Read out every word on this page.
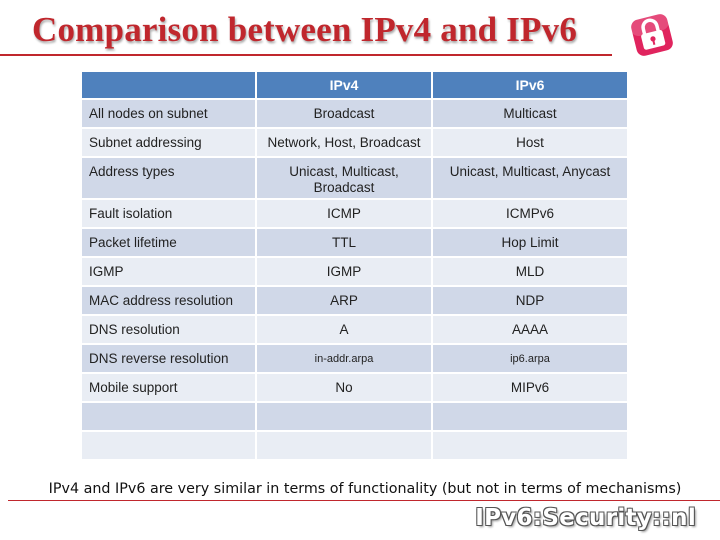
Comparison between IPv4 and IPv6
	IPv4	IPv6
All nodes on subnet	Broadcast	Multicast
Subnet addressing	Network, Host, Broadcast	Host
Address types	Unicast, Multicast, Broadcast	Unicast, Multicast, Anycast
Fault isolation	ICMP	ICMPv6
Packet lifetime	TTL	Hop Limit
IGMP	IGMP	MLD
MAC address resolution	ARP	NDP
DNS resolution	A	AAAA
DNS reverse resolution	in-addr.arpa	ip6.arpa
Mobile support	No	MIPv6

IPv4 and IPv6 are very similar in terms of functionality (but not in terms of mechanisms)
IPv6:Security::nl
